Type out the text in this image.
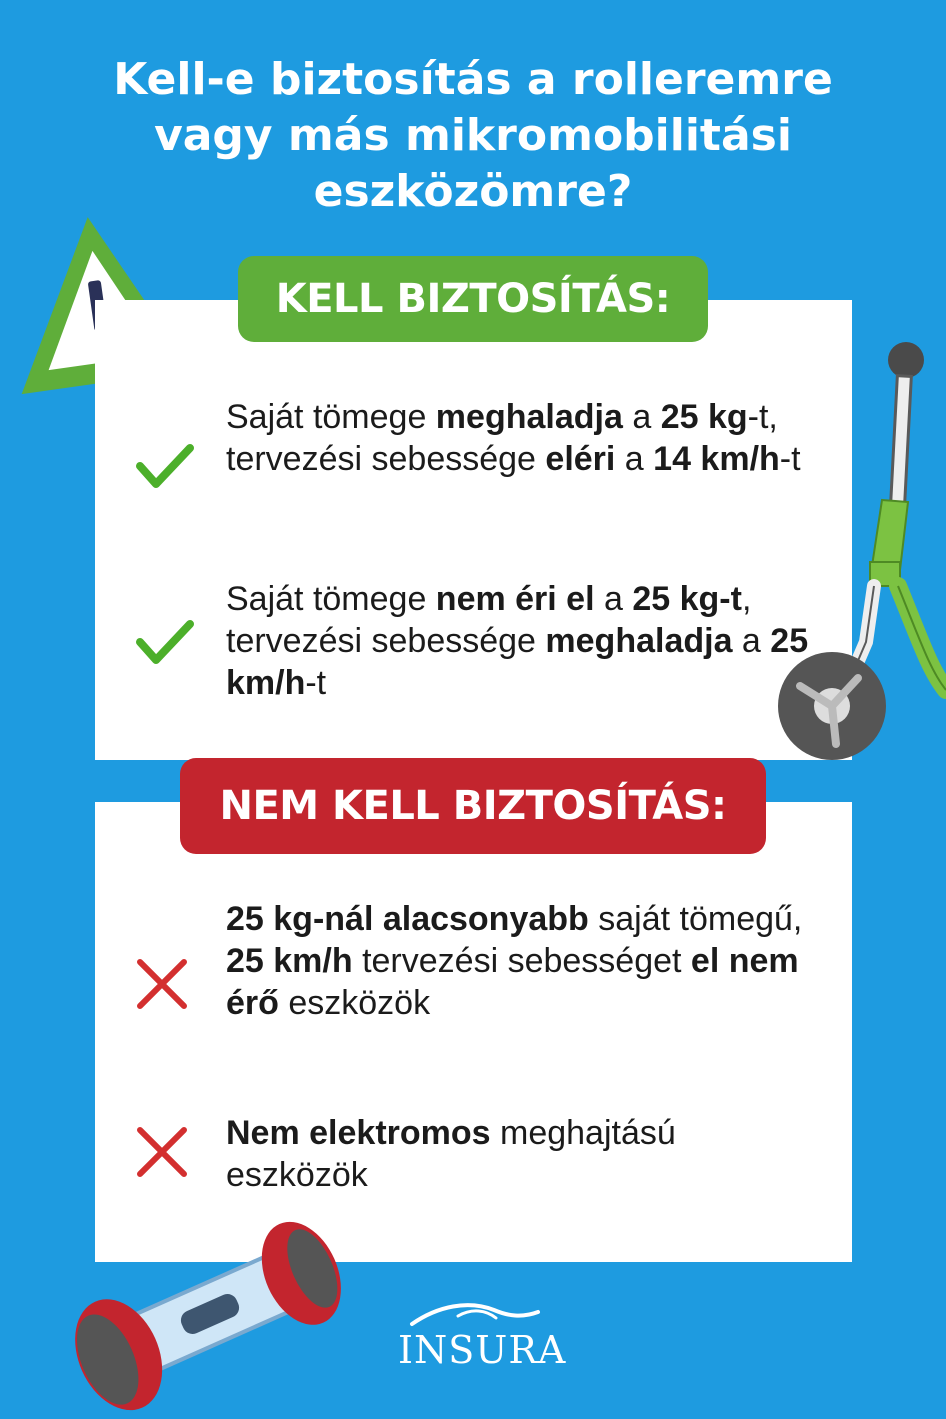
Kell-e biztosítás a rolleremre
vagy más mikromobilitási
eszközömre?
KELL BIZTOSÍTÁS:
Saját tömege meghaladja a 25 kg-t, tervezési sebessége eléri a 14 km/h-t
Saját tömege nem éri el a 25 kg-t, tervezési sebessége meghaladja a 25 km/h-t
NEM KELL BIZTOSÍTÁS:
25 kg-nál alacsonyabb saját tömegű, 25 km/h tervezési sebességet el nem érő eszközök
Nem elektromos meghajtású eszközök
INSURA
